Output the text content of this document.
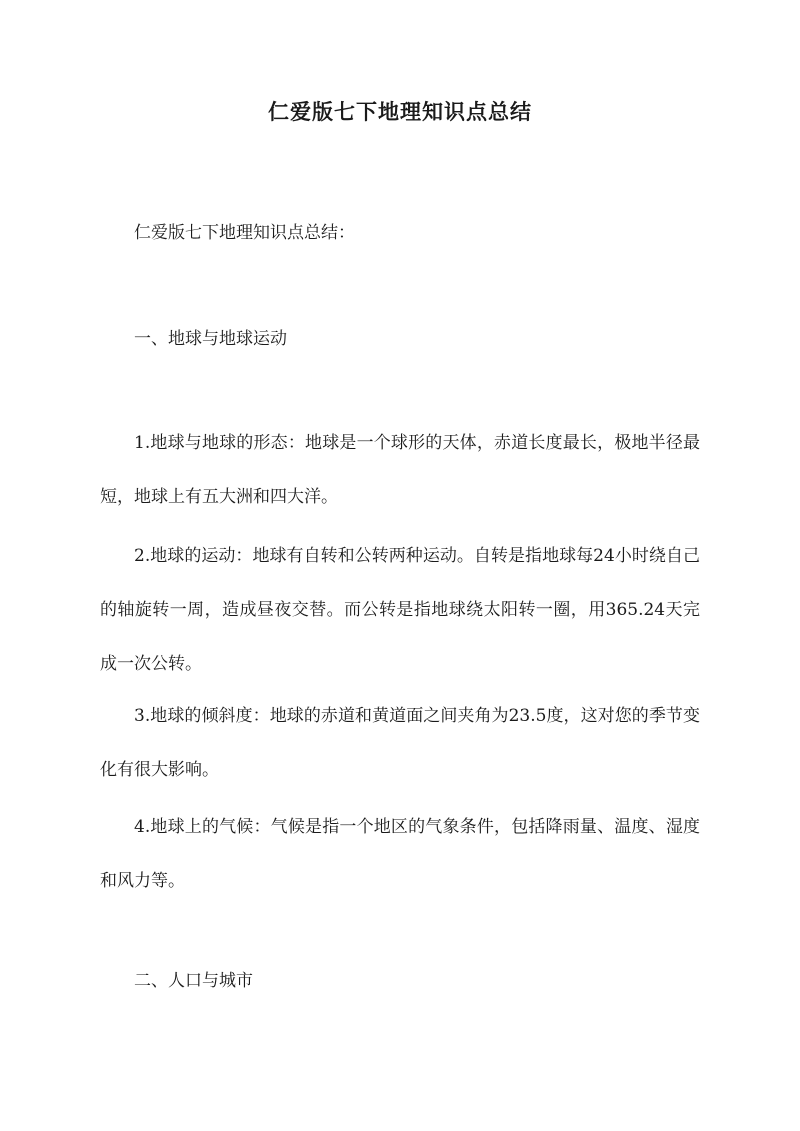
仁爱版七下地理知识点总结
仁爱版七下地理知识点总结：
一、地球与地球运动
1.地球与地球的形态：地球是一个球形的天体，赤道长度最长，极地半径最短，地球上有五大洲和四大洋。
2.地球的运动：地球有自转和公转两种运动。自转是指地球每24小时绕自己的轴旋转一周，造成昼夜交替。而公转是指地球绕太阳转一圈，用365.24天完成一次公转。
3.地球的倾斜度：地球的赤道和黄道面之间夹角为23.5度，这对您的季节变化有很大影响。
4.地球上的气候：气候是指一个地区的气象条件，包括降雨量、温度、湿度和风力等。
二、人口与城市
